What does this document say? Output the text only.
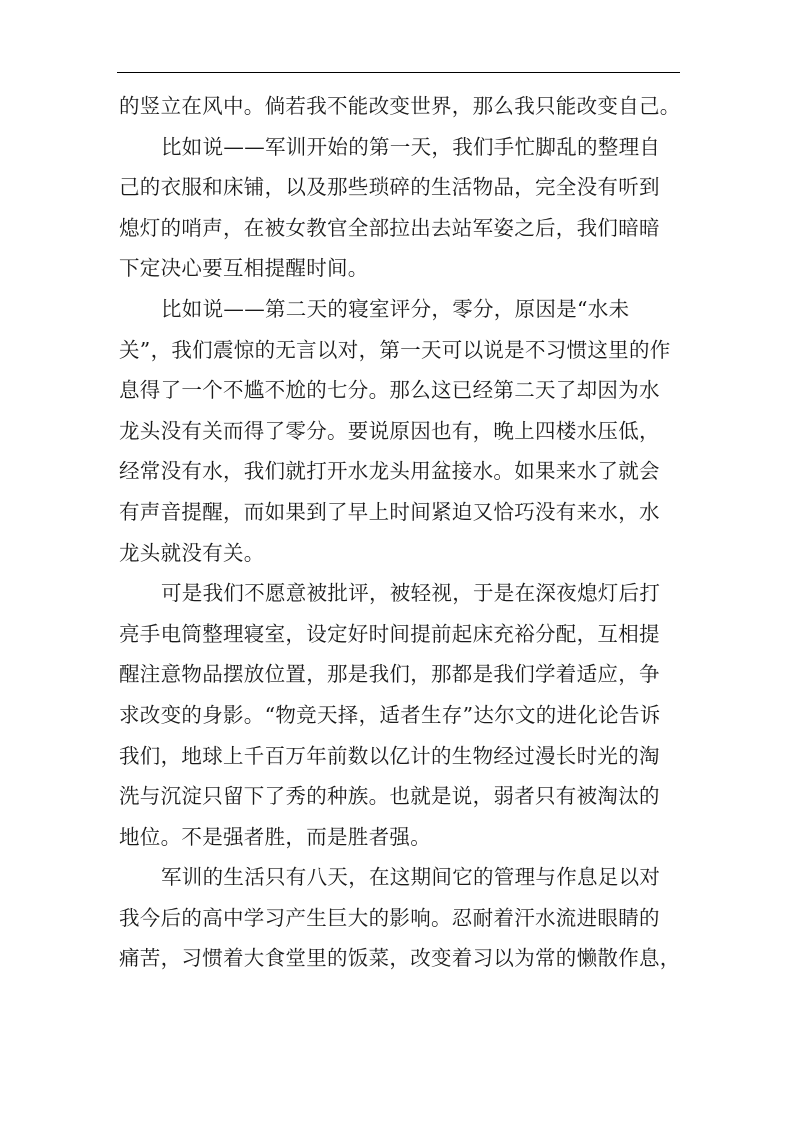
的竖立在风中。倘若我不能改变世界，那么我只能改变自己。
比如说——军训开始的第一天，我们手忙脚乱的整理自
己的衣服和床铺，以及那些琐碎的生活物品，完全没有听到
熄灯的哨声，在被女教官全部拉出去站军姿之后，我们暗暗
下定决心要互相提醒时间。
比如说——第二天的寝室评分，零分，原因是“水未
关”，我们震惊的无言以对，第一天可以说是不习惯这里的作
息得了一个不尴不尬的七分。那么这已经第二天了却因为水
龙头没有关而得了零分。要说原因也有，晚上四楼水压低，
经常没有水，我们就打开水龙头用盆接水。如果来水了就会
有声音提醒，而如果到了早上时间紧迫又恰巧没有来水，水
龙头就没有关。
可是我们不愿意被批评，被轻视，于是在深夜熄灯后打
亮手电筒整理寝室，设定好时间提前起床充裕分配，互相提
醒注意物品摆放位置，那是我们，那都是我们学着适应，争
求改变的身影。“物竞天择，适者生存”达尔文的进化论告诉
我们，地球上千百万年前数以亿计的生物经过漫长时光的淘
洗与沉淀只留下了秀的种族。也就是说，弱者只有被淘汰的
地位。不是强者胜，而是胜者强。
军训的生活只有八天，在这期间它的管理与作息足以对
我今后的高中学习产生巨大的影响。忍耐着汗水流进眼睛的
痛苦，习惯着大食堂里的饭菜，改变着习以为常的懒散作息，
